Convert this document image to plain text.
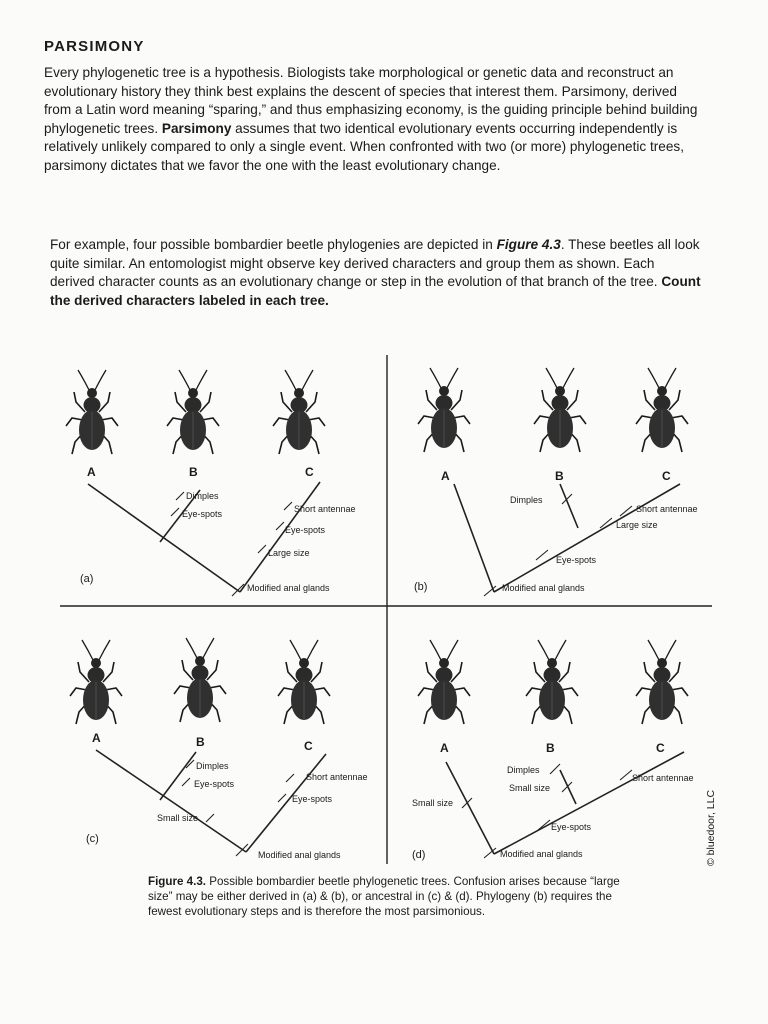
PARSIMONY
Every phylogenetic tree is a hypothesis. Biologists take morphological or genetic data and reconstruct an evolutionary history they think best explains the descent of species that interest them. Parsimony, derived from a Latin word meaning “sparing,” and thus emphasizing economy, is the guiding principle behind building phylogenetic trees. Parsimony assumes that two identical evolutionary events occurring independently is relatively unlikely compared to only a single event. When confronted with two (or more) phylogenetic trees, parsimony dictates that we favor the one with the least evolutionary change.
For example, four possible bombardier beetle phylogenies are depicted in Figure 4.3. These beetles all look quite similar. An entomologist might observe key derived characters and group them as shown. Each derived character counts as an evolutionary change or step in the evolution of that branch of the tree. Count the derived characters labeled in each tree.
A	B	C
Dimples
Eye-spots	Short antennae
Eye-spots
Large size
Modified anal glands
(a)
A	B	C
Dimples
Short antennae
Large size
Eye-spots
Modified anal glands
(b)
A	B	C
Dimples
Eye-spots
Short antennae
Eye-spots
Small size
Modified anal glands
(c)
A	B	C
Dimples
Small size
Short antennae
Small size
Eye-spots
Modified anal glands
(d)
Figure 4.3. Possible bombardier beetle phylogenetic trees. Confusion arises because “large size” may be either derived in (a) & (b), or ancestral in (c) & (d). Phylogeny (b) requires the fewest evolutionary steps and is therefore the most parsimonious.
© bluedoor, LLC
